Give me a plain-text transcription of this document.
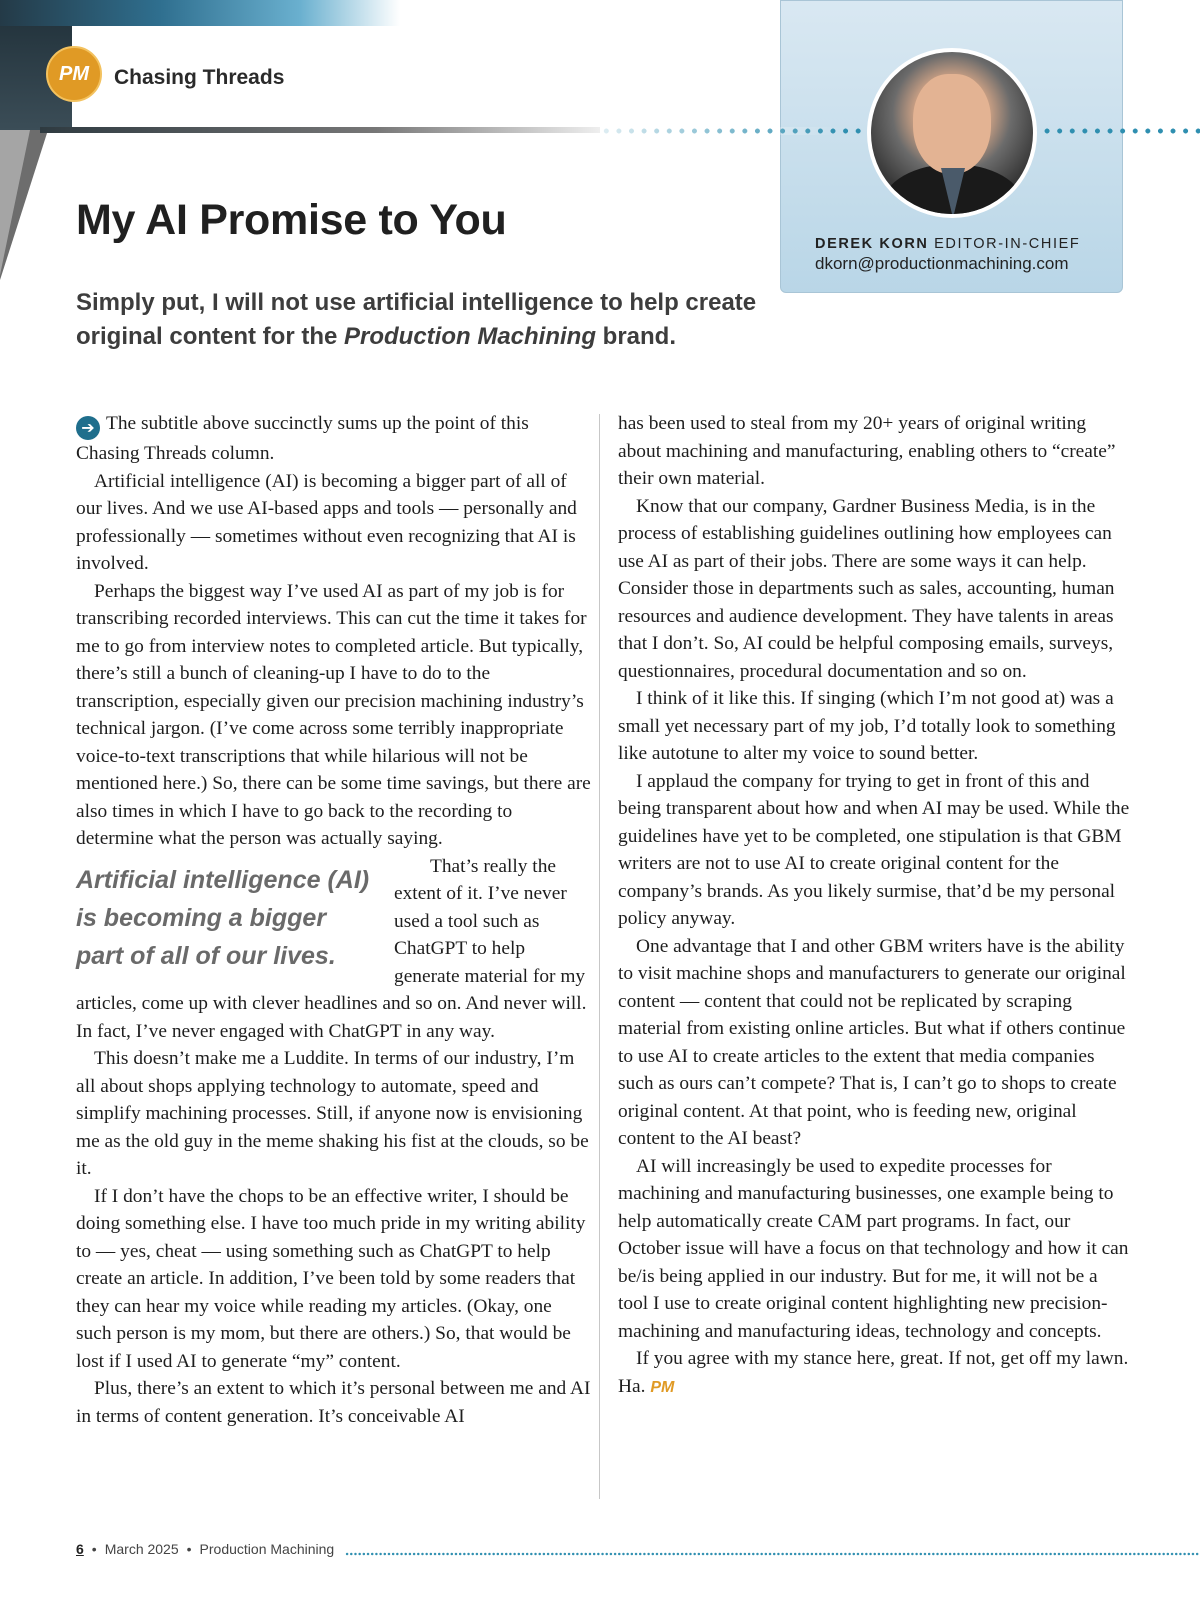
PM	Chasing Threads
DEREK KORN EDITOR-IN-CHIEF
dkorn@productionmachining.com
My AI Promise to You

Simply put, I will not use artificial intelligence to help create original content for the Production Machining brand.

➔ The subtitle above succinctly sums up the point of this Chasing Threads column.

Artificial intelligence (AI) is becoming a bigger part of all of our lives. And we use AI-based apps and tools — personally and professionally — sometimes without even recognizing that AI is involved.

Perhaps the biggest way I’ve used AI as part of my job is for transcribing recorded interviews. This can cut the time it takes for me to go from interview notes to completed article. But typically, there’s still a bunch of cleaning-up I have to do to the transcription, especially given our precision machining industry’s technical jargon. (I’ve come across some terribly inappropriate voice-to-text transcriptions that while hilarious will not be mentioned here.) So, there can be some time savings, but there are also times in which I have to go back to the recording to determine what the person was actually saying.

Artificial intelligence (AI) is becoming a bigger part of all of our lives.

That’s really the extent of it. I’ve never used a tool such as ChatGPT to help generate material for my articles, come up with clever headlines and so on. And never will. In fact, I’ve never engaged with ChatGPT in any way.

This doesn’t make me a Luddite. In terms of our industry, I’m all about shops applying technology to automate, speed and simplify machining processes. Still, if anyone now is envisioning me as the old guy in the meme shaking his fist at the clouds, so be it.

If I don’t have the chops to be an effective writer, I should be doing something else. I have too much pride in my writing ability to — yes, cheat — using something such as ChatGPT to help create an article. In addition, I’ve been told by some readers that they can hear my voice while reading my articles. (Okay, one such person is my mom, but there are others.) So, that would be lost if I used AI to generate “my” content.

Plus, there’s an extent to which it’s personal between me and AI in terms of content generation. It’s conceivable AI

has been used to steal from my 20+ years of original writing about machining and manufacturing, enabling others to “create” their own material.

Know that our company, Gardner Business Media, is in the process of establishing guidelines outlining how employees can use AI as part of their jobs. There are some ways it can help. Consider those in departments such as sales, accounting, human resources and audience development. They have talents in areas that I don’t. So, AI could be helpful composing emails, surveys, questionnaires, procedural documentation and so on.

I think of it like this. If singing (which I’m not good at) was a small yet necessary part of my job, I’d totally look to something like autotune to alter my voice to sound better.

I applaud the company for trying to get in front of this and being transparent about how and when AI may be used. While the guidelines have yet to be completed, one stipulation is that GBM writers are not to use AI to create original content for the company’s brands. As you likely surmise, that’d be my personal policy anyway.

One advantage that I and other GBM writers have is the ability to visit machine shops and manufacturers to generate our original content — content that could not be replicated by scraping material from existing online articles. But what if others continue to use AI to create articles to the extent that media companies such as ours can’t compete? That is, I can’t go to shops to create original content. At that point, who is feeding new, original content to the AI beast?

AI will increasingly be used to expedite processes for machining and manufacturing businesses, one example being to help automatically create CAM part programs. In fact, our October issue will have a focus on that technology and how it can be/is being applied in our industry. But for me, it will not be a tool I use to create original content highlighting new precision-machining and manufacturing ideas, technology and concepts.

If you agree with my stance here, great. If not, get off my lawn. Ha. PM

6 • March 2025 • Production Machining
